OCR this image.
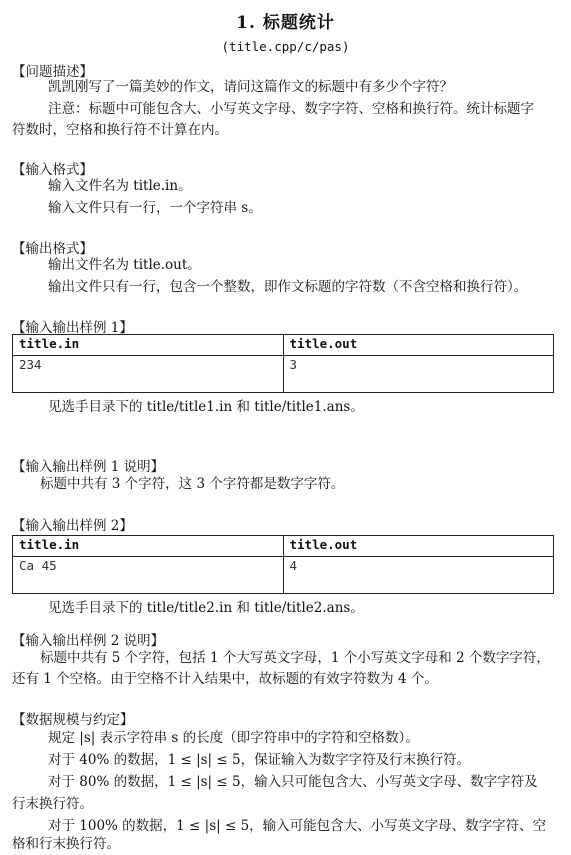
1. 标题统计
(title.cpp/c/pas)
【问题描述】
凯凯刚写了一篇美妙的作文，请问这篇作文的标题中有多少个字符？
注意：标题中可能包含大、小写英文字母、数字字符、空格和换行符。统计标题字
符数时，空格和换行符不计算在内。
【输入格式】
输入文件名为 title.in。
输入文件只有一行，一个字符串 s。
【输出格式】
输出文件名为 title.out。
输出文件只有一行，包含一个整数，即作文标题的字符数（不含空格和换行符）。
【输入输出样例 1】
title.in	title.out
234	3
见选手目录下的 title/title1.in 和 title/title1.ans。
【输入输出样例 1 说明】
标题中共有 3 个字符，这 3 个字符都是数字字符。
【输入输出样例 2】
title.in	title.out
Ca 45	4
见选手目录下的 title/title2.in 和 title/title2.ans。
【输入输出样例 2 说明】
标题中共有 5 个字符，包括 1 个大写英文字母，1 个小写英文字母和 2 个数字字符，
还有 1 个空格。由于空格不计入结果中，故标题的有效字符数为 4 个。
【数据规模与约定】
规定 |s| 表示字符串 s 的长度（即字符串中的字符和空格数）。
对于 40% 的数据，1 ≤ |s| ≤ 5，保证输入为数字字符及行末换行符。
对于 80% 的数据，1 ≤ |s| ≤ 5，输入只可能包含大、小写英文字母、数字字符及
行末换行符。
对于 100% 的数据，1 ≤ |s| ≤ 5，输入可能包含大、小写英文字母、数字字符、空
格和行末换行符。
